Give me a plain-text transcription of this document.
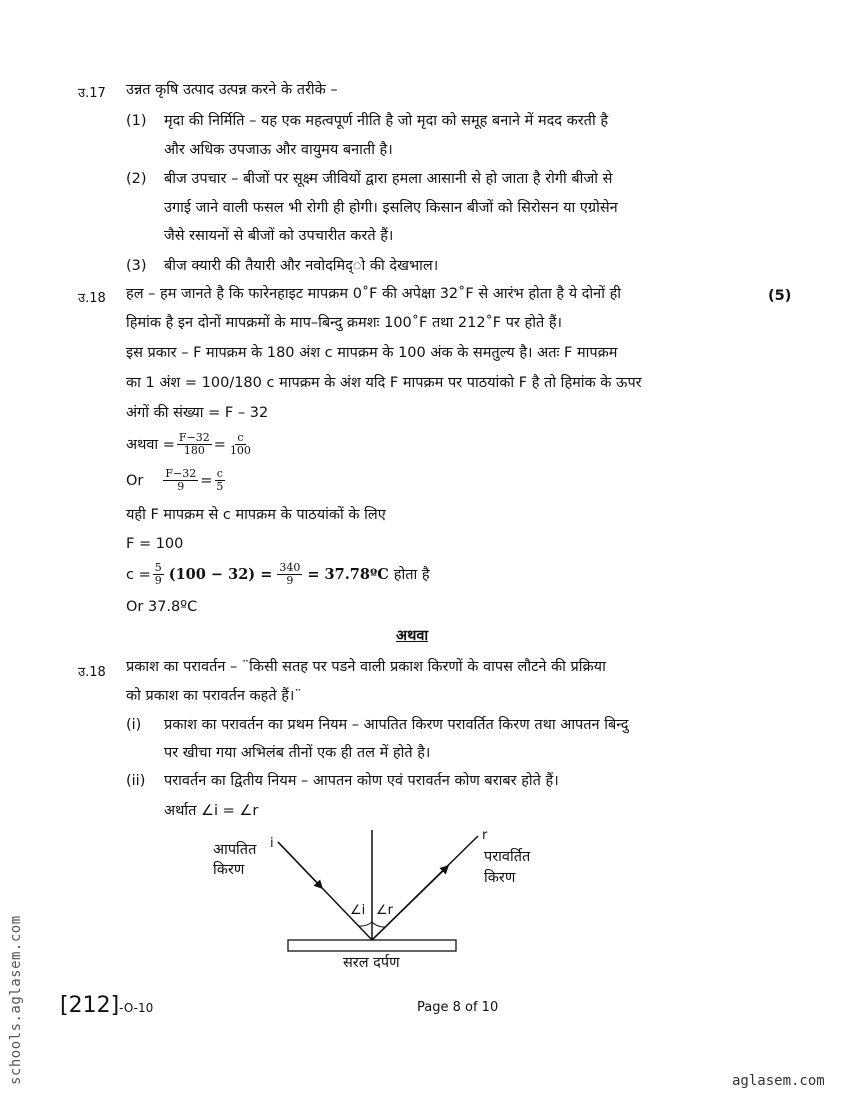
उ.17 उन्नत कृषि उत्पाद उत्पन्न करने के तरीके –
(1) मृदा की निर्मिति – यह एक महत्वपूर्ण नीति है जो मृदा को समूह बनाने में मदद करती है
और अधिक उपजाऊ और वायुमय बनाती है।
(2) बीज उपचार – बीजों पर सूक्ष्म जीवियों द्वारा हमला आसानी से हो जाता है रोगी बीजो से
उगाई जाने वाली फसल भी रोगी ही होगी। इसलिए किसान बीजों को सिरोसन या एग्रोसेन
जैसे रसायनों से बीजों को उपचारीत करते हैं।
(3) बीज क्यारी की तैयारी और नवोदमिद्ो की देखभाल।
उ.18	(5)
हल – हम जानते है कि फारेनहाइट मापक्रम 0˚F की अपेक्षा 32˚F से आरंभ होता है ये दोनों ही
हिमांक है इन दोनों मापक्रमों के माप–बिन्दु क्रमशः 100˚F तथा 212˚F पर होते हैं।
इस प्रकार – F मापक्रम के 180 अंश c मापक्रम के 100 अंक के समतुल्य है। अतः F मापक्रम
का 1 अंश = 100/180 c मापक्रम के अंश यदि F मापक्रम पर पाठयांको F है तो हिमांक के ऊपर
अंगों की संख्या = F – 32
अथवा = $\frac{F-32}{180} = \frac{c}{100}$
Or $\frac{F-32}{9} = \frac{c}{5}$
यही F मापक्रम से c मापक्रम के पाठयांकों के लिए
F = 100
$c = \frac{5}{9} (100 - 32) = \frac{340}{9}$ = 37.78ºC होता है
Or 37.8ºC
अथवा
उ.18 प्रकाश का परावर्तन – ¨किसी सतह पर पडने वाली प्रकाश किरणों के वापस लौटने की प्रक्रिया
को प्रकाश का परावर्तन कहते हैं।¨
(i) प्रकाश का परावर्तन का प्रथम नियम – आपतित किरण परावर्तित किरण तथा आपतन बिन्दु
पर खीचा गया अभिलंब तीनों एक ही तल में होते है।
(ii) परावर्तन का द्वितीय नियम – आपतन कोण एवं परावर्तन कोण बराबर होते हैं।
अर्थात ∠i = ∠r
i
r
आपतित
किरण
परावर्तित
किरण
∠i ∠r
सरल दर्पण
[212]-O-10	Page 8 of 10
aglasem.com
schools.aglasem.com
